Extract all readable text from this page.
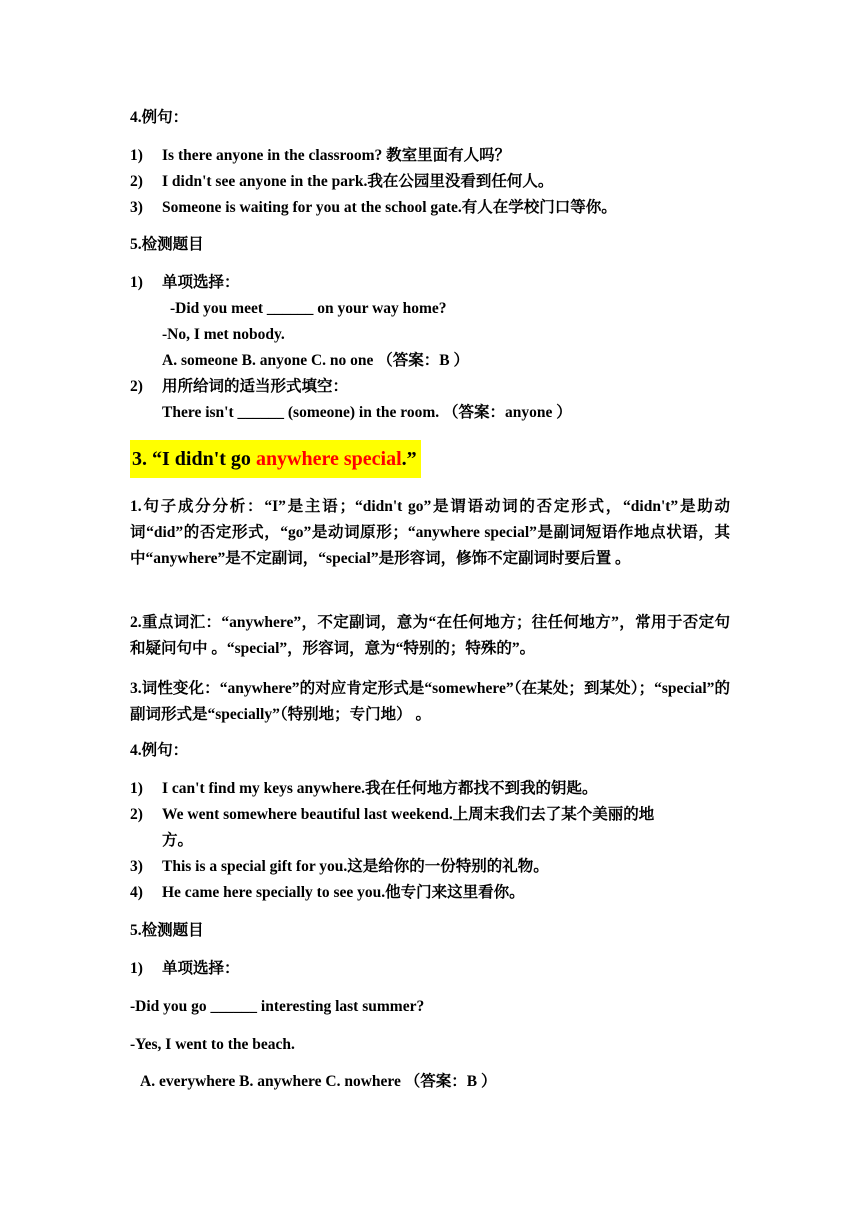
4.例句：
1) Is there anyone in the classroom? 教室里面有人吗？
2) I didn't see anyone in the park.我在公园里没看到任何人。
3) Someone is waiting for you at the school gate.有人在学校门口等你。
5.检测题目
1) 单项选择：
-Did you meet ______ on your way home?
-No, I met nobody.
A. someone B. anyone C. no one （答案：B ）
2) 用所给词的适当形式填空：
There isn't ______ (someone) in the room. （答案：anyone ）
3. “I didn't go anywhere special .”
1.句子成分分析：“I”是主语；“didn't go”是谓语动词的否定形式，“didn't”是助动词“did”的否定形式，“go”是动词原形；“anywhere special”是副词短语作地点状语，其中“anywhere”是不定副词，“special”是形容词，修饰不定副词时要后置 。
2.重点词汇：“anywhere”，不定副词，意为“在任何地方；往任何地方”，常用于否定句和疑问句中 。“special”，形容词，意为“特别的；特殊的”。
3.词性变化：“anywhere”的对应肯定形式是“somewhere”（在某处；到某处）；“special”的副词形式是“specially”（特别地；专门地） 。
4.例句：
1) I can't find my keys anywhere.我在任何地方都找不到我的钥匙。
2) We went somewhere beautiful last weekend.上周末我们去了某个美丽的地
方。
3) This is a special gift for you.这是给你的一份特别的礼物。
4) He came here specially to see you.他专门来这里看你。
5.检测题目
1) 单项选择：
-Did you go ______ interesting last summer?
-Yes, I went to the beach.
A. everywhere B. anywhere C. nowhere （答案：B ）
